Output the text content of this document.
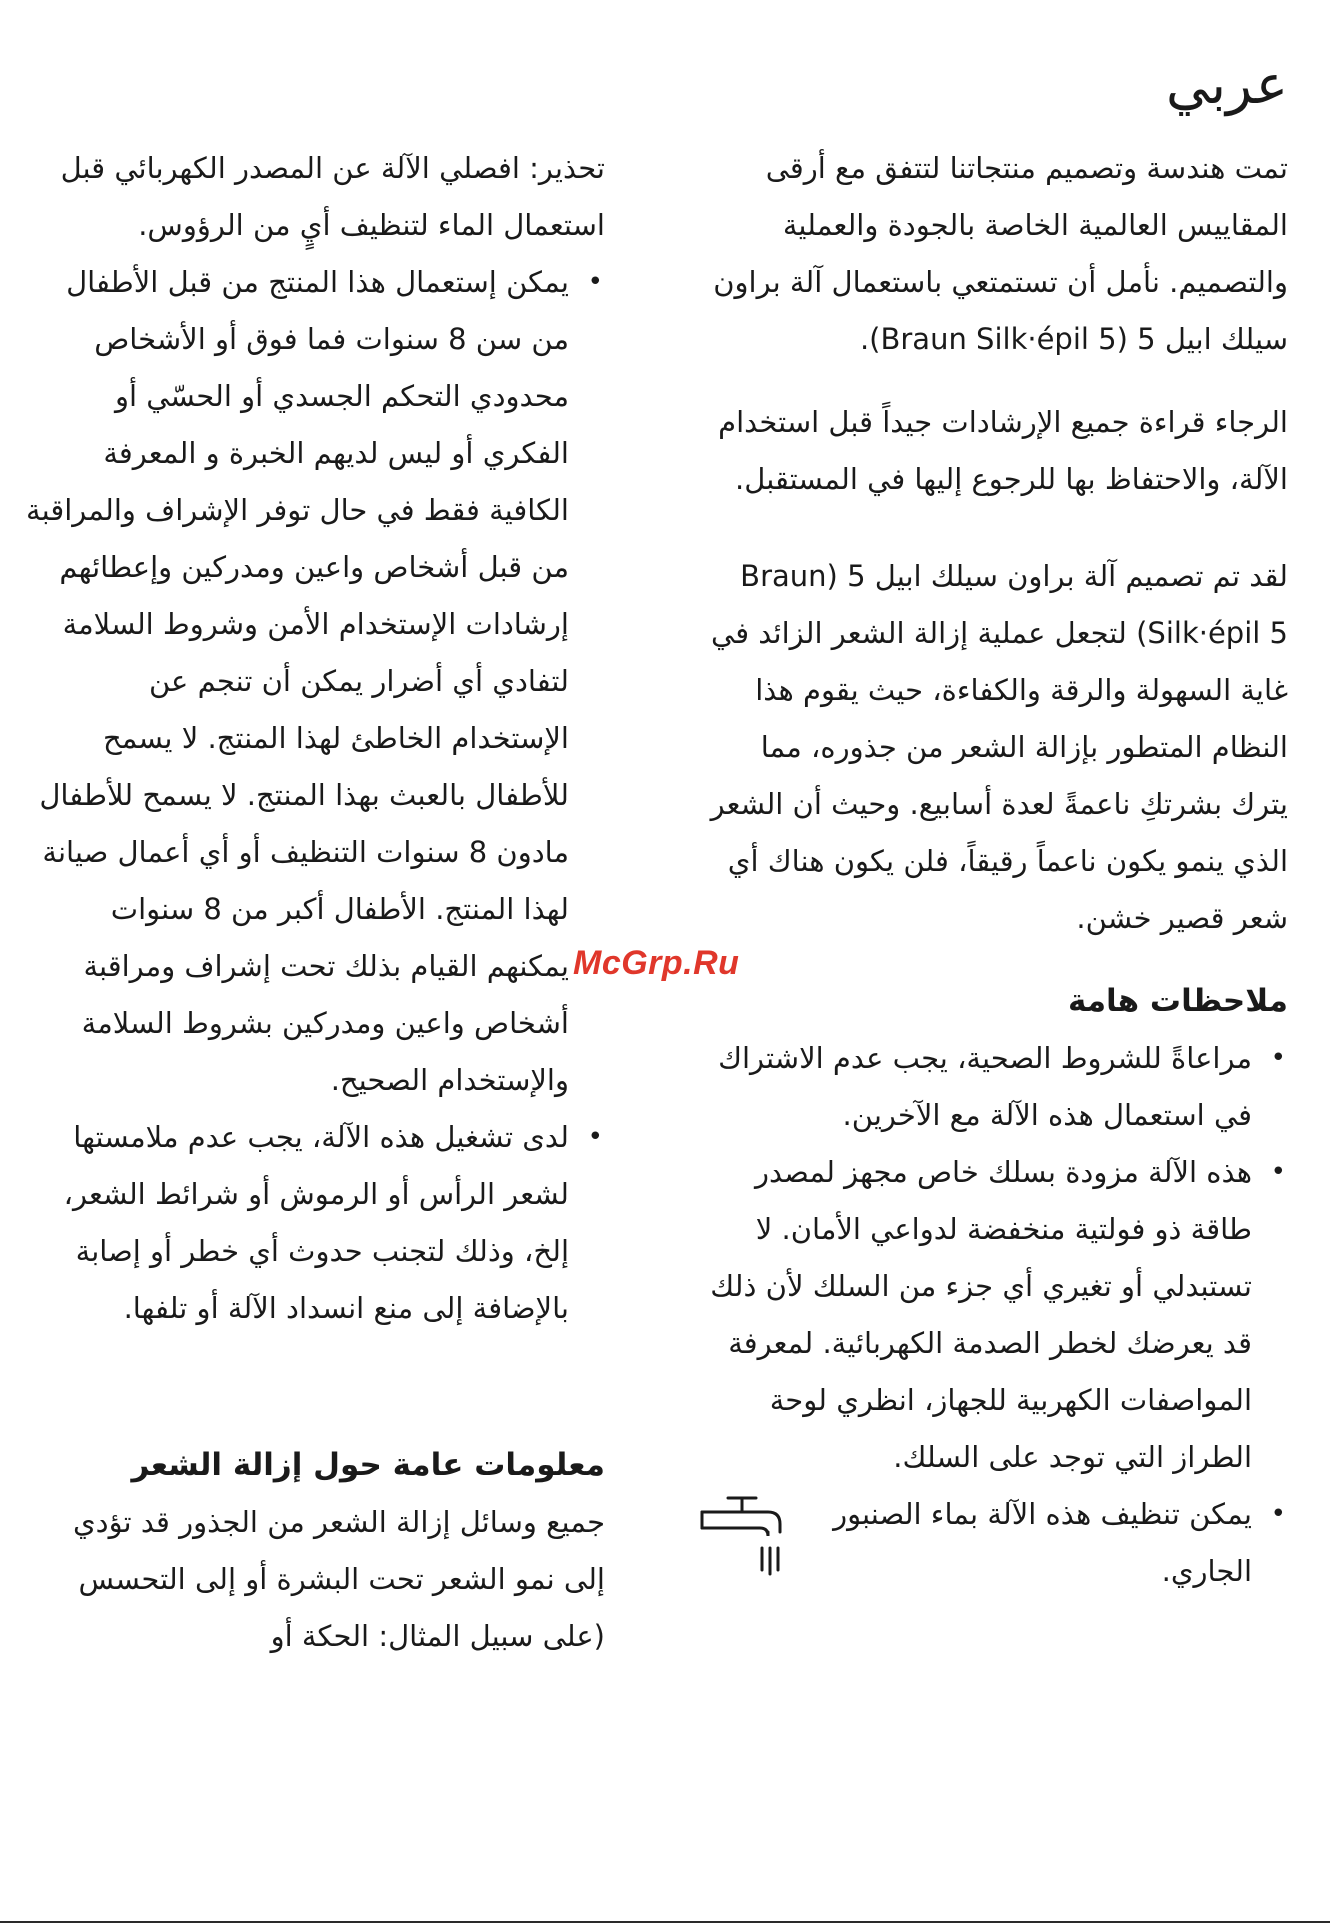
عربي

تمت هندسة وتصميم منتجاتنا لتتفق مع أرقى المقاييس العالمية الخاصة بالجودة والعملية والتصميم. نأمل أن تستمتعي باستعمال آلة براون سيلك ابيل 5 (Braun Silk·épil 5).

الرجاء قراءة جميع الإرشادات جيداً قبل استخدام الآلة، والاحتفاظ بها للرجوع إليها في المستقبل.

لقد تم تصميم آلة براون سيلك ابيل 5 (Braun Silk·épil 5) لتجعل عملية إزالة الشعر الزائد في غاية السهولة والرقة والكفاءة، حيث يقوم هذا النظام المتطور بإزالة الشعر من جذوره، مما يترك بشرتكِ ناعمةً لعدة أسابيع. وحيث أن الشعر الذي ينمو يكون ناعماً رقيقاً، فلن يكون هناك أي شعر قصير خشن.

ملاحظات هامة

• مراعاةً للشروط الصحية، يجب عدم الاشتراك في استعمال هذه الآلة مع الآخرين.
• هذه الآلة مزودة بسلك خاص مجهز لمصدر طاقة ذو فولتية منخفضة لدواعي الأمان. لا تستبدلي أو تغيري أي جزء من السلك لأن ذلك قد يعرضك لخطر الصدمة الكهربائية. لمعرفة المواصفات الكهربية للجهاز، انظري لوحة الطراز التي توجد على السلك.
• يمكن تنظيف هذه الآلة بماء الصنبور الجاري.

تحذير: افصلي الآلة عن المصدر الكهربائي قبل استعمال الماء لتنظيف أيٍ من الرؤوس.

• يمكن إستعمال هذا المنتج من قبل الأطفال من سن 8 سنوات فما فوق أو الأشخاص محدودي التحكم الجسدي أو الحسّي أو الفكري أو ليس لديهم الخبرة و المعرفة الكافية فقط في حال توفر الإشراف والمراقبة من قبل أشخاص واعين ومدركين وإعطائهم إرشادات الإستخدام الأمن وشروط السلامة لتفادي أي أضرار يمكن أن تنجم عن الإستخدام الخاطئ لهذا المنتج. لا يسمح للأطفال بالعبث بهذا المنتج. لا يسمح للأطفال مادون 8 سنوات التنظيف أو أي أعمال صيانة لهذا المنتج. الأطفال أكبر من 8 سنوات يمكنهم القيام بذلك تحت إشراف ومراقبة أشخاص واعين ومدركين بشروط السلامة والإستخدام الصحيح.
• لدى تشغيل هذه الآلة، يجب عدم ملامستها لشعر الرأس أو الرموش أو شرائط الشعر، إلخ، وذلك لتجنب حدوث أي خطر أو إصابة بالإضافة إلى منع انسداد الآلة أو تلفها.

معلومات عامة حول إزالة الشعر

جميع وسائل إزالة الشعر من الجذور قد تؤدي إلى نمو الشعر تحت البشرة أو إلى التحسس (على سبيل المثال: الحكة أو

McGrp.Ru
